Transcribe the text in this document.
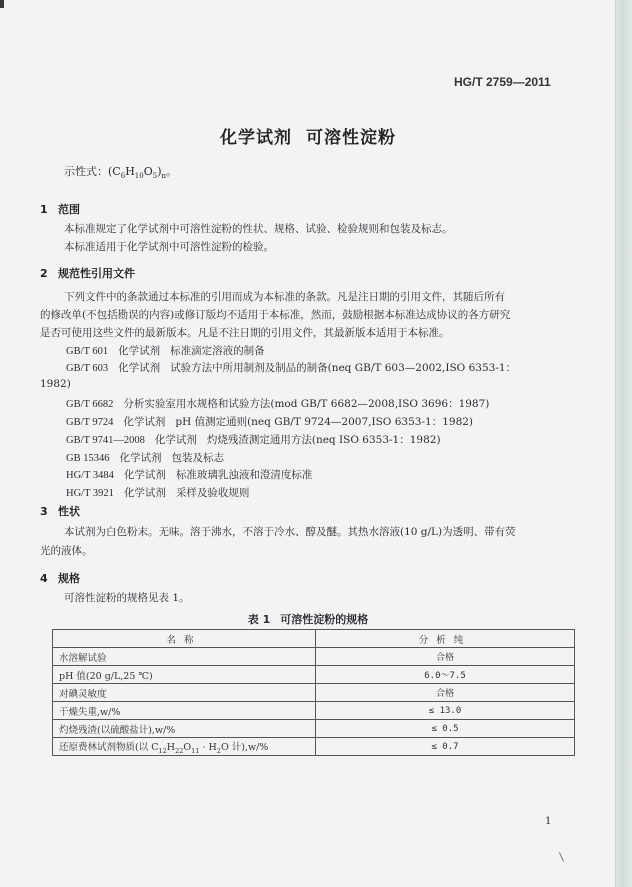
HG/T 2759—2011
化学试剂 可溶性淀粉
示性式：$(C_6H_{10}O_5)_n$。
1 范围
本标准规定了化学试剂中可溶性淀粉的性状、规格、试验、检验规则和包装及标志。
本标准适用于化学试剂中可溶性淀粉的检验。
2 规范性引用文件
下列文件中的条款通过本标准的引用而成为本标准的条款。凡是注日期的引用文件，其随后所有
的修改单(不包括勘误的内容)或修订版均不适用于本标准，然而，鼓励根据本标准达成协议的各方研究
是否可使用这些文件的最新版本。凡是不注日期的引用文件，其最新版本适用于本标准。
GB/T 601 化学试剂 标准滴定溶液的制备
GB/T 603 化学试剂 试验方法中所用制剂及制品的制备(neq GB/T 603—2002,ISO 6353-1：
1982)
GB/T 6682 分析实验室用水规格和试验方法(mod GB/T 6682—2008,ISO 3696：1987)
GB/T 9724 化学试剂 pH 值测定通则(neq GB/T 9724—2007,ISO 6353-1：1982)
GB/T 9741—2008 化学试剂 灼烧残渣测定通用方法(neq ISO 6353-1：1982)
GB 15346 化学试剂 包装及标志
HG/T 3484 化学试剂 标准玻璃乳浊液和澄清度标准
HG/T 3921 化学试剂 采样及验收规则
3 性状
本试剂为白色粉末。无味。溶于沸水，不溶于冷水、醇及醚。其热水溶液(10 g/L)为透明、带有荧
光的液体。
4 规格
可溶性淀粉的规格见表 1。
表 1 可溶性淀粉的规格
名称	分析纯
水溶解试验	合格
pH 值(20 g/L,25 ℃)	6.0～7.5
对碘灵敏度	合格
干燥失重,w/%	≤ 13.0
灼烧残渣(以硫酸盐计),w/%	≤ 0.5
还原费林试剂物质(以 $C_{12}H_{22}O_{11} \cdot H_2O$ 计),w/%	≤ 0.7
1
